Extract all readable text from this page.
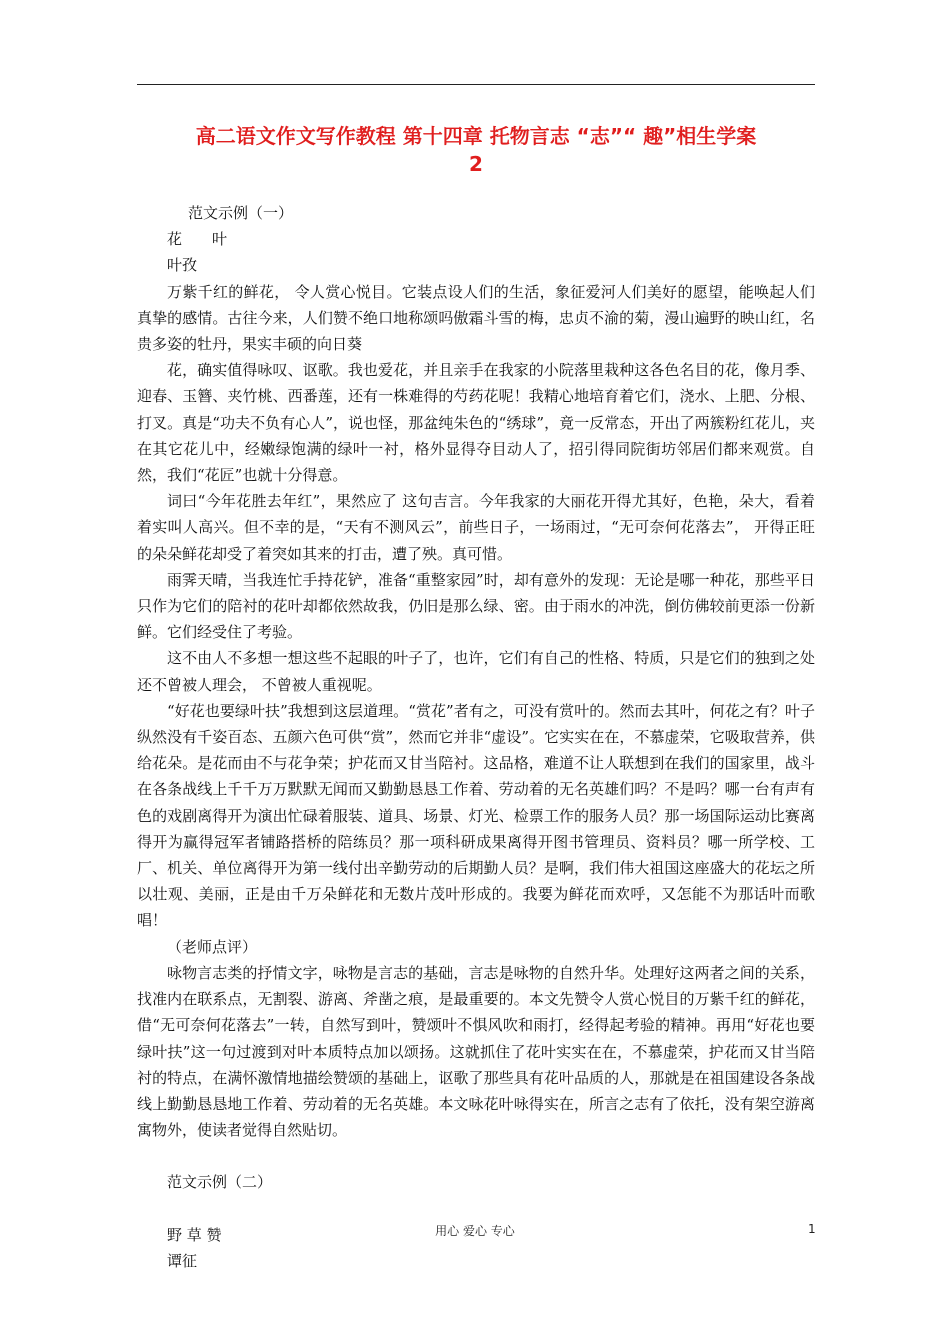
高二语文作文写作教程 第十四章 托物言志 “志”“ 趣”相生学案
2

范文示例（一）

花　　叶

叶孜

万紫千红的鲜花， 令人赏心悦目。它装点设人们的生活，象征爱河人们美好的愿望，能唤起人们真挚的感情。古往今来，人们赞不绝口地称颂吗傲霜斗雪的梅，忠贞不渝的菊，漫山遍野的映山红，名贵多姿的牡丹，果实丰硕的向日葵

花，确实值得咏叹、讴歌。我也爱花，并且亲手在我家的小院落里栽种这各色名目的花，像月季、迎春、玉簪、夹竹桃、西番莲，还有一株难得的芍药花呢！我精心地培育着它们，浇水、上肥、分根、打叉。真是“功夫不负有心人”，说也怪，那盆纯朱色的“绣球”，竟一反常态，开出了两簇粉红花儿，夹在其它花儿中，经嫩绿饱满的绿叶一衬，格外显得夺目动人了，招引得同院街坊邻居们都来观赏。自然，我们“花匠”也就十分得意。

词曰“今年花胜去年红”，果然应了 这句吉言。今年我家的大丽花开得尤其好，色艳，朵大，看着着实叫人高兴。但不幸的是，“天有不测风云”，前些日子，一场雨过，“无可奈何花落去”， 开得正旺的朵朵鲜花却受了着突如其来的打击，遭了殃。真可惜。

雨霁天晴，当我连忙手持花铲，准备“重整家园”时，却有意外的发现：无论是哪一种花，那些平日只作为它们的陪衬的花叶却都依然故我，仍旧是那么绿、密。由于雨水的冲洗，倒仿佛较前更添一份新鲜。它们经受住了考验。

这不由人不多想一想这些不起眼的叶子了，也许，它们有自己的性格、特质，只是它们的独到之处还不曾被人理会， 不曾被人重视呢。

“好花也要绿叶扶”我想到这层道理。“赏花”者有之，可没有赏叶的。然而去其叶，何花之有？叶子纵然没有千姿百态、五颜六色可供“赏”，然而它并非“虚设”。它实实在在，不慕虚荣，它吸取营养，供给花朵。是花而由不与花争荣；护花而又甘当陪衬。这品格，难道不让人联想到在我们的国家里，战斗在各条战线上千千万万默默无闻而又勤勤恳恳工作着、劳动着的无名英雄们吗？不是吗？哪一台有声有色的戏剧离得开为演出忙碌着服装、道具、场景、灯光、检票工作的服务人员？那一场国际运动比赛离得开为赢得冠军者铺路搭桥的陪练员？那一项科研成果离得开图书管理员、资料员？哪一所学校、工厂、机关、单位离得开为第一线付出辛勤劳动的后期勤人员？是啊，我们伟大祖国这座盛大的花坛之所以壮观、美丽，正是由千万朵鲜花和无数片茂叶形成的。我要为鲜花而欢呼，又怎能不为那话叶而歌唱！

（老师点评）

咏物言志类的抒情文字，咏物是言志的基础，言志是咏物的自然升华。处理好这两者之间的关系，找准内在联系点，无割裂、游离、斧凿之痕，是最重要的。本文先赞令人赏心悦目的万紫千红的鲜花，借“无可奈何花落去”一转，自然写到叶，赞颂叶不惧风吹和雨打，经得起考验的精神。再用“好花也要绿叶扶”这一句过渡到对叶本质特点加以颂扬。这就抓住了花叶实实在在，不慕虚荣，护花而又甘当陪衬的特点，在满怀激情地描绘赞颂的基础上，讴歌了那些具有花叶品质的人，那就是在祖国建设各条战线上勤勤恳恳地工作着、劳动着的无名英雄。本文咏花叶咏得实在，所言之志有了依托，没有架空游离寓物外，使读者觉得自然贴切。

范文示例（二）

野 草 赞

谭征

用心 爱心 专心	1
